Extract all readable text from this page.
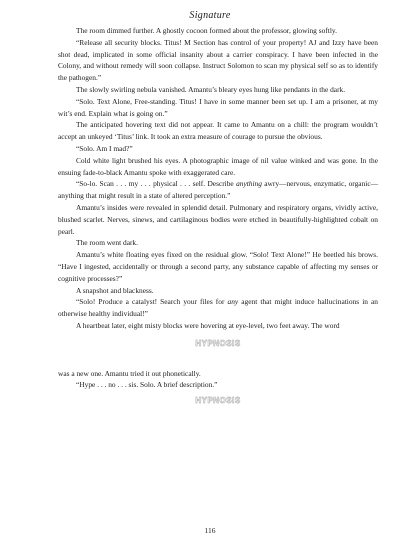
Signature

The room dimmed further. A ghostly cocoon formed about the professor, glowing softly.

“Release all security blocks. Titus! M Section has control of your property! AJ and Izzy have been shot dead, implicated in some official insanity about a carrier conspiracy. I have been infected in the Colony, and without remedy will soon collapse. Instruct Solomon to scan my physical self so as to identify the pathogen.”

The slowly swirling nebula vanished. Amantu’s bleary eyes hung like pendants in the dark.

“Solo. Text Alone, Free-standing. Titus! I have in some manner been set up. I am a prisoner, at my wit’s end. Explain what is going on.”

The anticipated hovering text did not appear. It came to Amantu on a chill: the program wouldn’t accept an unkeyed ‘Titus’ link. It took an extra measure of courage to pursue the obvious.

“Solo. Am I mad?”

Cold white light brushed his eyes. A photographic image of nil value winked and was gone. In the ensuing fade-to-black Amantu spoke with exaggerated care.

“So-lo. Scan . . . my . . . physical . . . self. Describe anything awry—nervous, enzymatic, organic—anything that might result in a state of altered perception.”

Amantu’s insides were revealed in splendid detail. Pulmonary and respiratory organs, vividly active, blushed scarlet. Nerves, sinews, and cartilaginous bodies were etched in beautifully-highlighted cobalt on pearl.

The room went dark.

Amantu’s white floating eyes fixed on the residual glow. “Solo! Text Alone!” He beetled his brows. “Have I ingested, accidentally or through a second party, any substance capable of affecting my senses or cognitive processes?”

A snapshot and blackness.

“Solo! Produce a catalyst! Search your files for any agent that might induce hallucinations in an otherwise healthy individual!”

A heartbeat later, eight misty blocks were hovering at eye-level, two feet away. The word

HYPNOSIS

was a new one. Amantu tried it out phonetically.

“Hype . . . no . . . sis. Solo. A brief description.”

HYPNOSIS
116
